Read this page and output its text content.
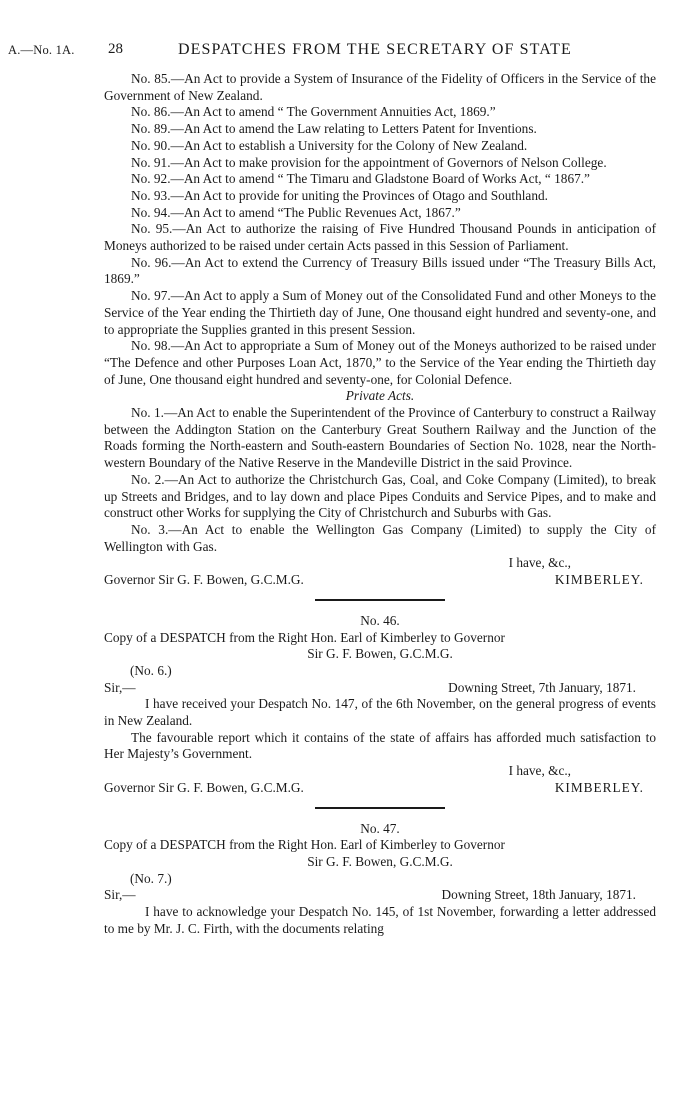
A.—No. 1A. 28	DESPATCHES FROM THE SECRETARY OF STATE

No. 85.—An Act to provide a System of Insurance of the Fidelity of Officers in the Service of the Government of New Zealand.

No. 86.—An Act to amend “ The Government Annuities Act, 1869.”

No. 89.—An Act to amend the Law relating to Letters Patent for Inventions.

No. 90.—An Act to establish a University for the Colony of New Zealand.

No. 91.—An Act to make provision for the appointment of Governors of Nelson College.

No. 92.—An Act to amend “ The Timaru and Gladstone Board of Works Act, “ 1867.”

No. 93.—An Act to provide for uniting the Provinces of Otago and Southland.

No. 94.—An Act to amend “The Public Revenues Act, 1867.”

No. 95.—An Act to authorize the raising of Five Hundred Thousand Pounds in anticipation of Moneys authorized to be raised under certain Acts passed in this Session of Parliament.

No. 96.—An Act to extend the Currency of Treasury Bills issued under “The Treasury Bills Act, 1869.”

No. 97.—An Act to apply a Sum of Money out of the Consolidated Fund and other Moneys to the Service of the Year ending the Thirtieth day of June, One thousand eight hundred and seventy-one, and to appropriate the Supplies granted in this present Session.

No. 98.—An Act to appropriate a Sum of Money out of the Moneys authorized to be raised under “The Defence and other Purposes Loan Act, 1870,” to the Service of the Year ending the Thirtieth day of June, One thousand eight hundred and seventy-one, for Colonial Defence.

Private Acts.

No. 1.—An Act to enable the Superintendent of the Province of Canterbury to construct a Railway between the Addington Station on the Canterbury Great Southern Railway and the Junction of the Roads forming the North-eastern and South-eastern Boundaries of Section No. 1028, near the North-western Boundary of the Native Reserve in the Mandeville District in the said Province.

No. 2.—An Act to authorize the Christchurch Gas, Coal, and Coke Company (Limited), to break up Streets and Bridges, and to lay down and place Pipes Conduits and Service Pipes, and to make and construct other Works for supplying the City of Christchurch and Suburbs with Gas.

No. 3.—An Act to enable the Wellington Gas Company (Limited) to supply the City of Wellington with Gas.

I have, &c.,
Governor Sir G. F. Bowen, G.C.M.G.	KIMBERLEY.

No. 46.

Copy of a DESPATCH from the Right Hon. Earl of Kimberley to Governor

Sir G. F. Bowen, G.C.M.G.

(No. 6.)

Sir,—	Downing Street, 7th January, 1871.

I have received your Despatch No. 147, of the 6th November, on the general progress of events in New Zealand.

The favourable report which it contains of the state of affairs has afforded much satisfaction to Her Majesty’s Government.

I have, &c.,
Governor Sir G. F. Bowen, G.C.M.G.	KIMBERLEY.

No. 47.

Copy of a DESPATCH from the Right Hon. Earl of Kimberley to Governor

Sir G. F. Bowen, G.C.M.G.

(No. 7.)

Sir,—	Downing Street, 18th January, 1871.

I have to acknowledge your Despatch No. 145, of 1st November, forwarding a letter addressed to me by Mr. J. C. Firth, with the documents relating
